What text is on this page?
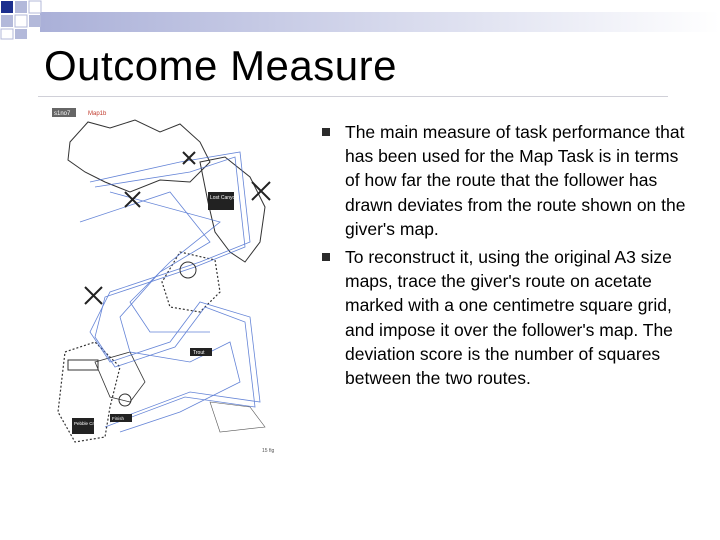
Outcome Measure
s1no7	Map1b
Lost Canyon
Trout
Pebble Creek
Finish
15 fig
The main measure of task performance that has been used for the Map Task is in terms of how far the route that the follower has drawn deviates from the route shown on the giver's map.
To reconstruct it, using the original A3 size maps, trace the giver's route on acetate marked with a one centimetre square grid, and impose it over the follower's map. The deviation score is the number of squares between the two routes.
